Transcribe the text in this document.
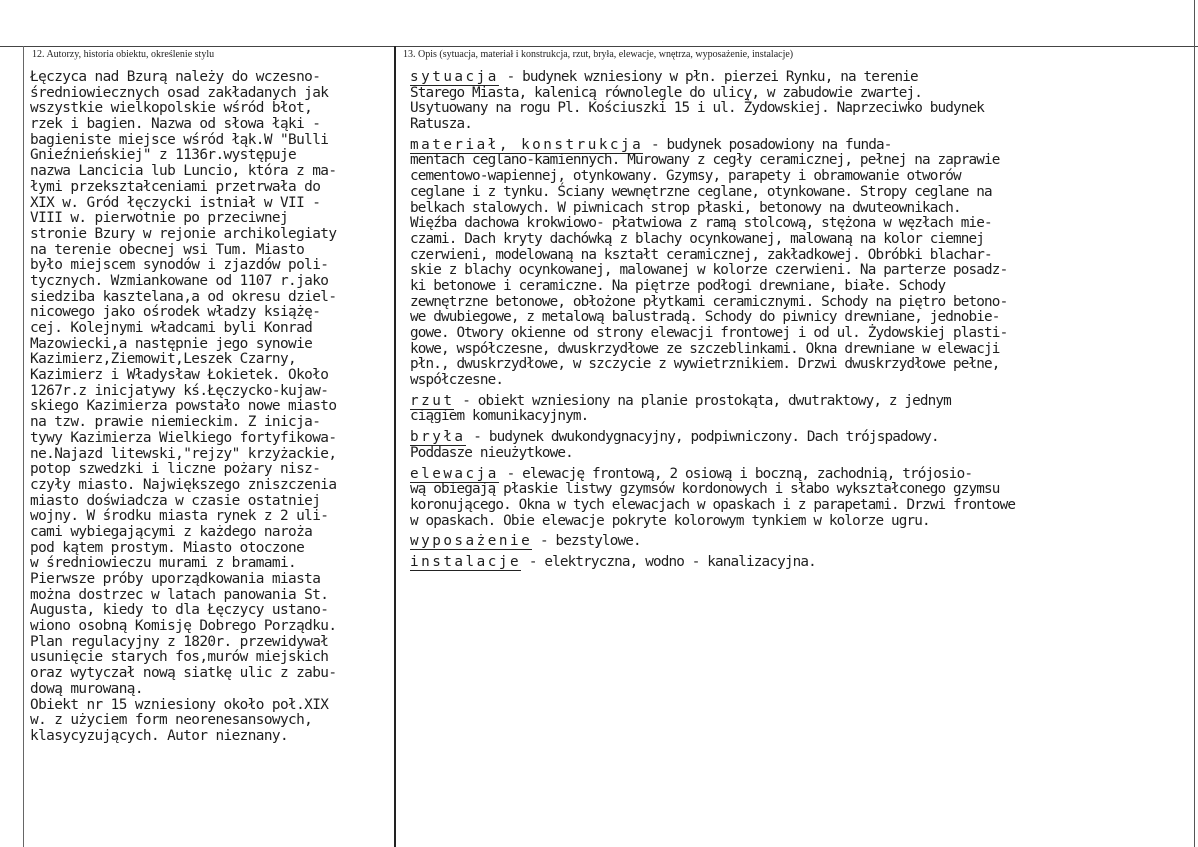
12. Autorzy, historia obiektu, określenie stylu	13. Opis (sytuacja, materiał i konstrukcja, rzut, bryła, elewacje, wnętrza, wyposażenie, instalacje)
Łęczyca nad Bzurą należy do wczesno-
średniowiecznych osad zakładanych jak
wszystkie wielkopolskie wśród błot,
rzek i bagien. Nazwa od słowa łąki -
bagieniste miejsce wśród łąk.W "Bulli
Gnieźnieńskiej" z 1136r.występuje
nazwa Lancicia lub Luncio, która z ma-
łymi przekształceniami przetrwała do
XIX w. Gród łęczycki istniał w VII -
VIII w. pierwotnie po przeciwnej
stronie Bzury w rejonie archikolegiaty
na terenie obecnej wsi Tum. Miasto
było miejscem synodów i zjazdów poli-
tycznych. Wzmiankowane od 1107 r.jako
siedziba kasztelana,a od okresu dziel-
nicowego jako ośrodek władzy książę-
cej. Kolejnymi władcami byli Konrad
Mazowiecki,a następnie jego synowie
Kazimierz,Ziemowit,Leszek Czarny,
Kazimierz i Władysław Łokietek. Około
1267r.z inicjatywy kś.Łęczycko-kujaw-
skiego Kazimierza powstało nowe miasto
na tzw. prawie niemieckim. Z inicja-
tywy Kazimierza Wielkiego fortyfikowa-
ne.Najazd litewski,"rejzy" krzyżackie,
potop szwedzki i liczne pożary nisz-
czyły miasto. Największego zniszczenia
miasto doświadcza w czasie ostatniej
wojny. W środku miasta rynek z 2 uli-
cami wybiegającymi z każdego naroża
pod kątem prostym. Miasto otoczone
w średniowieczu murami z bramami.
Pierwsze próby uporządkowania miasta
można dostrzec w latach panowania St.
Augusta, kiedy to dla Łęczycy ustano-
wiono osobną Komisję Dobrego Porządku.
Plan regulacyjny z 1820r. przewidywał
usunięcie starych fos,murów miejskich
oraz wytyczał nową siatkę ulic z zabu-
dową murowaną.
Obiekt nr 15 wzniesiony około poł.XIX
w. z użyciem form neorenesansowych,
klasycyzujących. Autor nieznany.
sytuacja - budynek wzniesiony w płn. pierzei Rynku, na terenie
Starego Miasta, kalenicą równolegle do ulicy, w zabudowie zwartej.
Usytuowany na rogu Pl. Kościuszki 15 i ul. Żydowskiej. Naprzeciwko budynek
Ratusza.
materiał, konstrukcja - budynek posadowiony na funda-
mentach ceglano-kamiennych. Murowany z cegły ceramicznej, pełnej na zaprawie
cementowo-wapiennej, otynkowany. Gzymsy, parapety i obramowanie otworów
ceglane i z tynku. Ściany wewnętrzne ceglane, otynkowane. Stropy ceglane na
belkach stalowych. W piwnicach strop płaski, betonowy na dwuteownikach.
Więźba dachowa krokwiowo- płatwiowa z ramą stolcową, stężona w węzłach mie-
czami. Dach kryty dachówką z blachy ocynkowanej, malowaną na kolor ciemnej
czerwieni, modelowaną na kształt ceramicznej, zakładkowej. Obróbki blachar-
skie z blachy ocynkowanej, malowanej w kolorze czerwieni. Na parterze posadz-
ki betonowe i ceramiczne. Na piętrze podłogi drewniane, białe. Schody
zewnętrzne betonowe, obłożone płytkami ceramicznymi. Schody na piętro betono-
we dwubiegowe, z metalową balustradą. Schody do piwnicy drewniane, jednobie-
gowe. Otwory okienne od strony elewacji frontowej i od ul. Żydowskiej plasti-
kowe, współczesne, dwuskrzydłowe ze szczeblinkami. Okna drewniane w elewacji
płn., dwuskrzydłowe, w szczycie z wywietrznikiem. Drzwi dwuskrzydłowe pełne,
współczesne.
rzut - obiekt wzniesiony na planie prostokąta, dwutraktowy, z jednym
ciągiem komunikacyjnym.
bryła - budynek dwukondygnacyjny, podpiwniczony. Dach trójspadowy.
Poddasze nieużytkowe.
elewacja - elewację frontową, 2 osiową i boczną, zachodnią, trójosio-
wą obiegają płaskie listwy gzymsów kordonowych i słabo wykształconego gzymsu
koronującego. Okna w tych elewacjach w opaskach i z parapetami. Drzwi frontowe
w opaskach. Obie elewacje pokryte kolorowym tynkiem w kolorze ugru.
wyposażenie - bezstylowe.
instalacje - elektryczna, wodno - kanalizacyjna.
